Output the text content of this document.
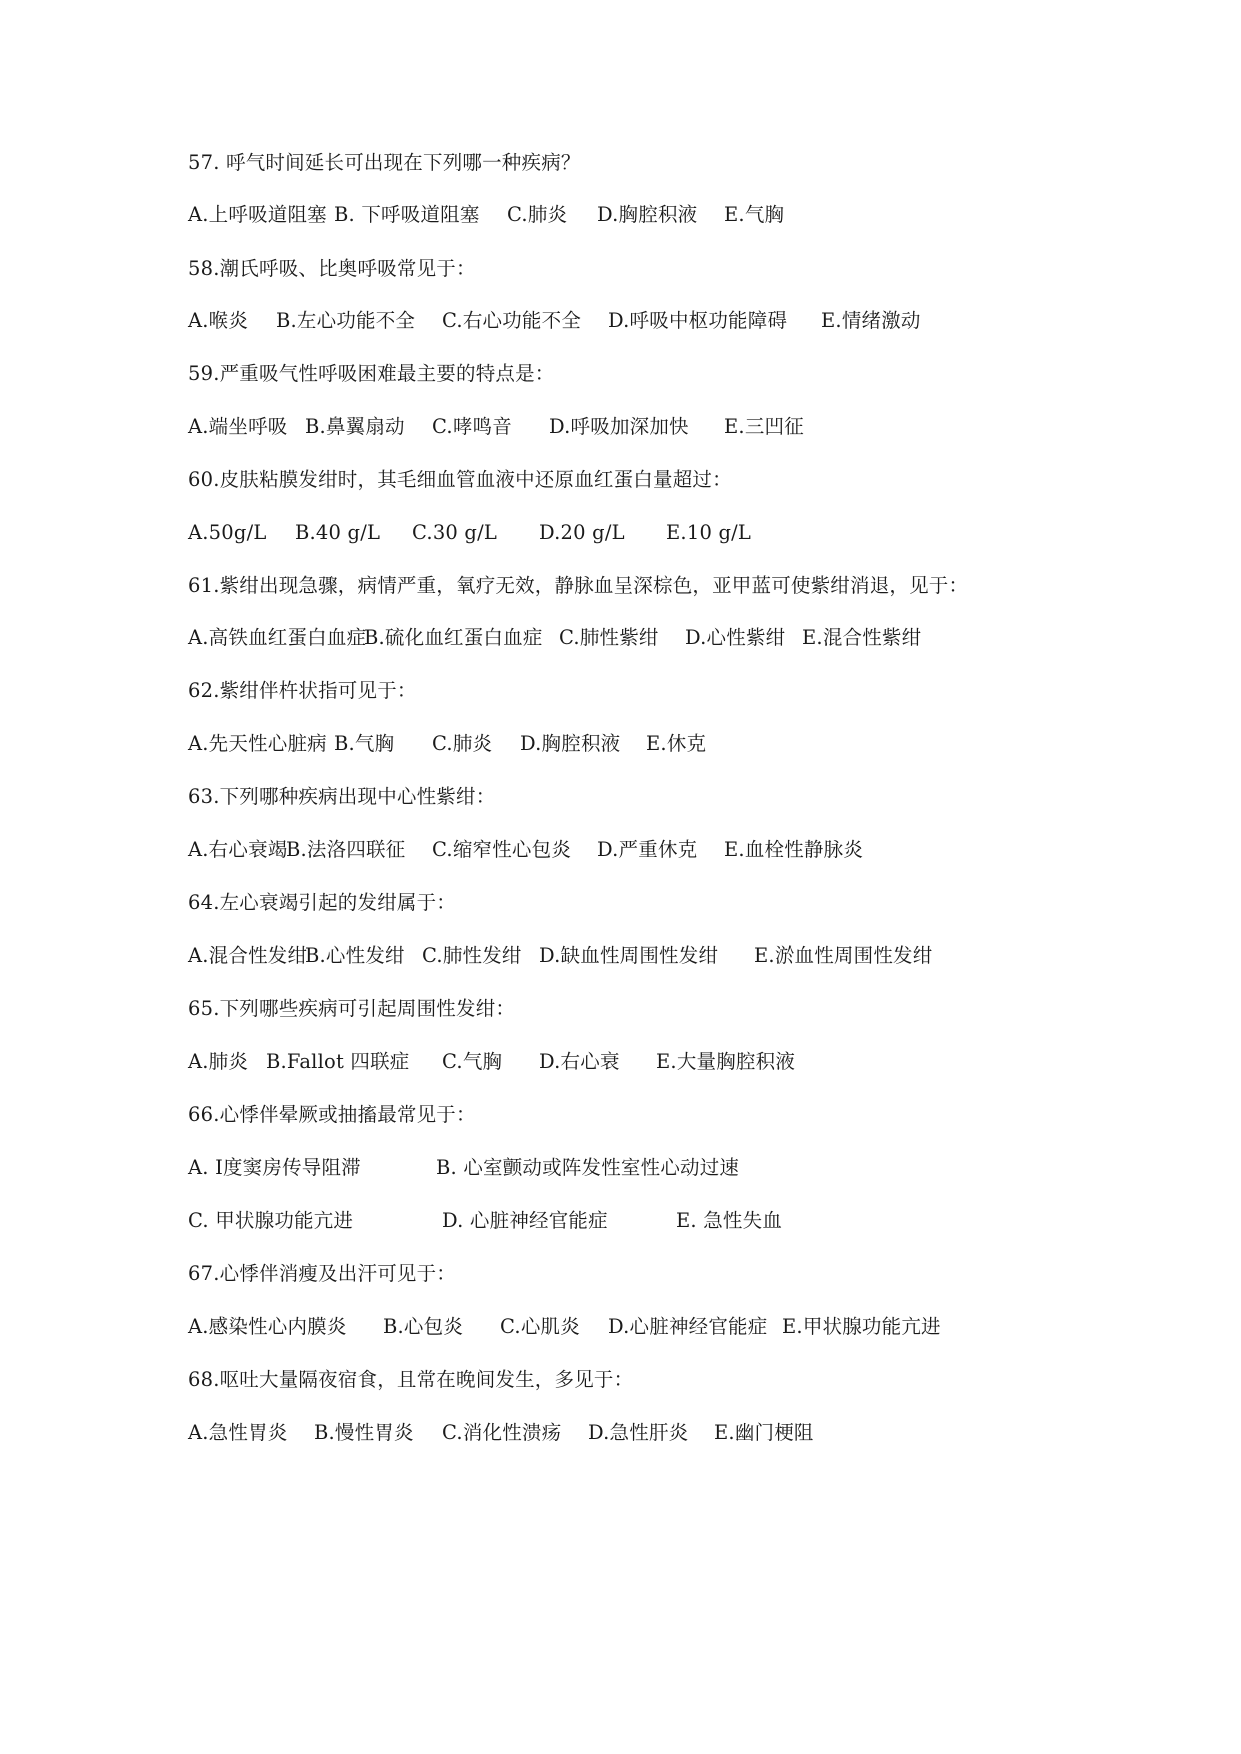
57. 呼气时间延长可出现在下列哪一种疾病？
A.上呼吸道阻塞 B. 下呼吸道阻塞 C.肺炎 D.胸腔积液 E.气胸
58.潮氏呼吸、比奥呼吸常见于：
A.喉炎 B.左心功能不全 C.右心功能不全 D.呼吸中枢功能障碍 E.情绪激动
59.严重吸气性呼吸困难最主要的特点是：
A.端坐呼吸 B.鼻翼扇动 C.哮鸣音 D.呼吸加深加快 E.三凹征
60.皮肤粘膜发绀时，其毛细血管血液中还原血红蛋白量超过：
A.50g/L B.40 g/L C.30 g/L D.20 g/L E.10 g/L
61.紫绀出现急骤，病情严重，氧疗无效，静脉血呈深棕色，亚甲蓝可使紫绀消退，见于：
A.高铁血红蛋白血症
B.硫化血红蛋白血症 C.肺性紫绀 D.心性紫绀 E.混合性紫绀
62.紫绀伴杵状指可见于：
A.先天性心脏病 B.气胸 C.肺炎 D.胸腔积液 E.休克
63.下列哪种疾病出现中心性紫绀：
A.右心衰竭
B.法洛四联征 C.缩窄性心包炎 D.严重休克 E.血栓性静脉炎
64.左心衰竭引起的发绀属于：
A.混合性发绀
B.心性发绀 C.肺性发绀 D.缺血性周围性发绀 E.淤血性周围性发绀
65.下列哪些疾病可引起周围性发绀：
A.肺炎 B.Fallot 四联症 C.气胸 D.右心衰 E.大量胸腔积液
66.心悸伴晕厥或抽搐最常见于：
A. Ⅰ度窦房传导阻滞	B. 心室颤动或阵发性室性心动过速
C. 甲状腺功能亢进	D. 心脏神经官能症	E. 急性失血
67.心悸伴消瘦及出汗可见于：
A.感染性心内膜炎 B.心包炎 C.心肌炎 D.心脏神经官能症 E.甲状腺功能亢进
68.呕吐大量隔夜宿食，且常在晚间发生，多见于：
A.急性胃炎 B.慢性胃炎 C.消化性溃疡 D.急性肝炎 E.幽门梗阻
